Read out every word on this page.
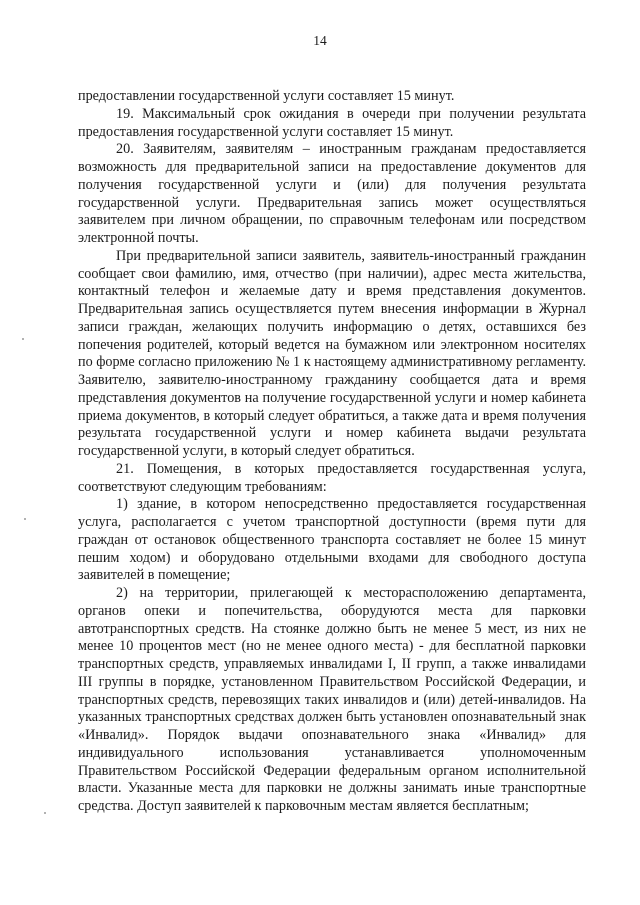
14

предоставлении государственной услуги составляет 15 минут.

19. Максимальный срок ожидания в очереди при получении результата предоставления государственной услуги составляет 15 минут.

20. Заявителям, заявителям – иностранным гражданам предоставляется возможность для предварительной записи на предоставление документов для получения государственной услуги и (или) для получения результата государственной услуги. Предварительная запись может осуществляться заявителем при личном обращении, по справочным телефонам или посредством электронной почты.

При предварительной записи заявитель, заявитель-иностранный гражданин сообщает свои фамилию, имя, отчество (при наличии), адрес места жительства, контактный телефон и желаемые дату и время представления документов. Предварительная запись осуществляется путем внесения информации в Журнал записи граждан, желающих получить информацию о детях, оставшихся без попечения родителей, который ведется на бумажном или электронном носителях по форме согласно приложению № 1 к настоящему административному регламенту. Заявителю, заявителю-иностранному гражданину сообщается дата и время представления документов на получение государственной услуги и номер кабинета приема документов, в который следует обратиться, а также дата и время получения результата государственной услуги и номер кабинета выдачи результата государственной услуги, в который следует обратиться.

21. Помещения, в которых предоставляется государственная услуга, соответствуют следующим требованиям:

1) здание, в котором непосредственно предоставляется государственная услуга, располагается с учетом транспортной доступности (время пути для граждан от остановок общественного транспорта составляет не более 15 минут пешим ходом) и оборудовано отдельными входами для свободного доступа заявителей в помещение;

2) на территории, прилегающей к месторасположению департамента, органов опеки и попечительства, оборудуются места для парковки автотранспортных средств. На стоянке должно быть не менее 5 мест, из них не менее 10 процентов мест (но не менее одного места) - для бесплатной парковки транспортных средств, управляемых инвалидами I, II групп, а также инвалидами III группы в порядке, установленном Правительством Российской Федерации, и транспортных средств, перевозящих таких инвалидов и (или) детей-инвалидов. На указанных транспортных средствах должен быть установлен опознавательный знак «Инвалид». Порядок выдачи опознавательного знака «Инвалид» для индивидуального использования устанавливается уполномоченным Правительством Российской Федерации федеральным органом исполнительной власти. Указанные места для парковки не должны занимать иные транспортные средства. Доступ заявителей к парковочным местам является бесплатным;
